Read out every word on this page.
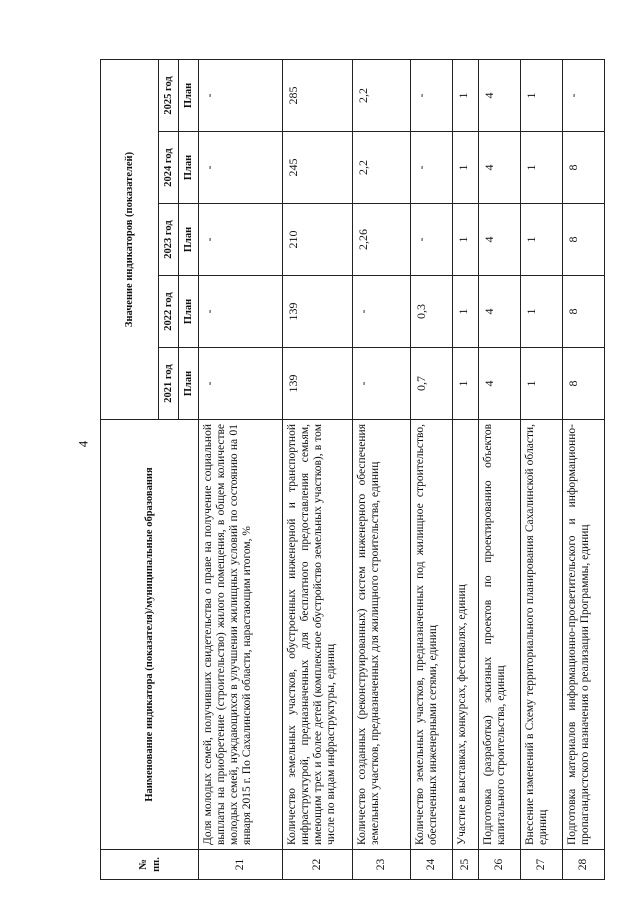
4
№ пп.	Наименование индикатора (показателя)/муниципальные образования	Значение индикаторов (показателей)				
		2021 год	2022 год	2023 год	2024 год	2025 год
		План	План	План	План	План
21	Доля молодых семей, получивших свидетельства о праве на получение социальной выплаты на приобретение (строительство) жилого помещения, в общем количестве молодых семей, нуждающихся в улучшении жилищных условий по состоянию на 01 января 2015 г. По Сахалинской области, нарастающим итогом, %	-	-	-	-	-
22	Количество земельных участков, обустроенных инженерной и транспортной инфраструктурой, предназначенных для бесплатного предоставления семьям, имеющим трех и более детей (комплексное обустройство земельных участков), в том числе по видам инфраструктуры, единиц	139	139	210	245	285
23	Количество созданных (реконструированных) систем инженерного обеспечения земельных участков, предназначенных для жилищного строительства, единиц	-	-	2,26	2,2	2,2
24	Количество земельных участков, предназначенных под жилищное строительство, обеспеченных инженерными сетями, единиц	0,7	0,3	-	-	-
25	Участие в выставках, конкурсах, фестивалях, единиц	1	1	1	1	1
26	Подготовка (разработка) эскизных проектов по проектированию объектов капитального строительства, единиц	4	4	4	4	4
27	Внесение изменений в Схему территориального планирования Сахалинской области, единиц	1	1	1	1	1
28	Подготовка материалов информационно-просветительского и информационно-пропагандистского назначения о реализации Программы, единиц	8	8	8	8	-
